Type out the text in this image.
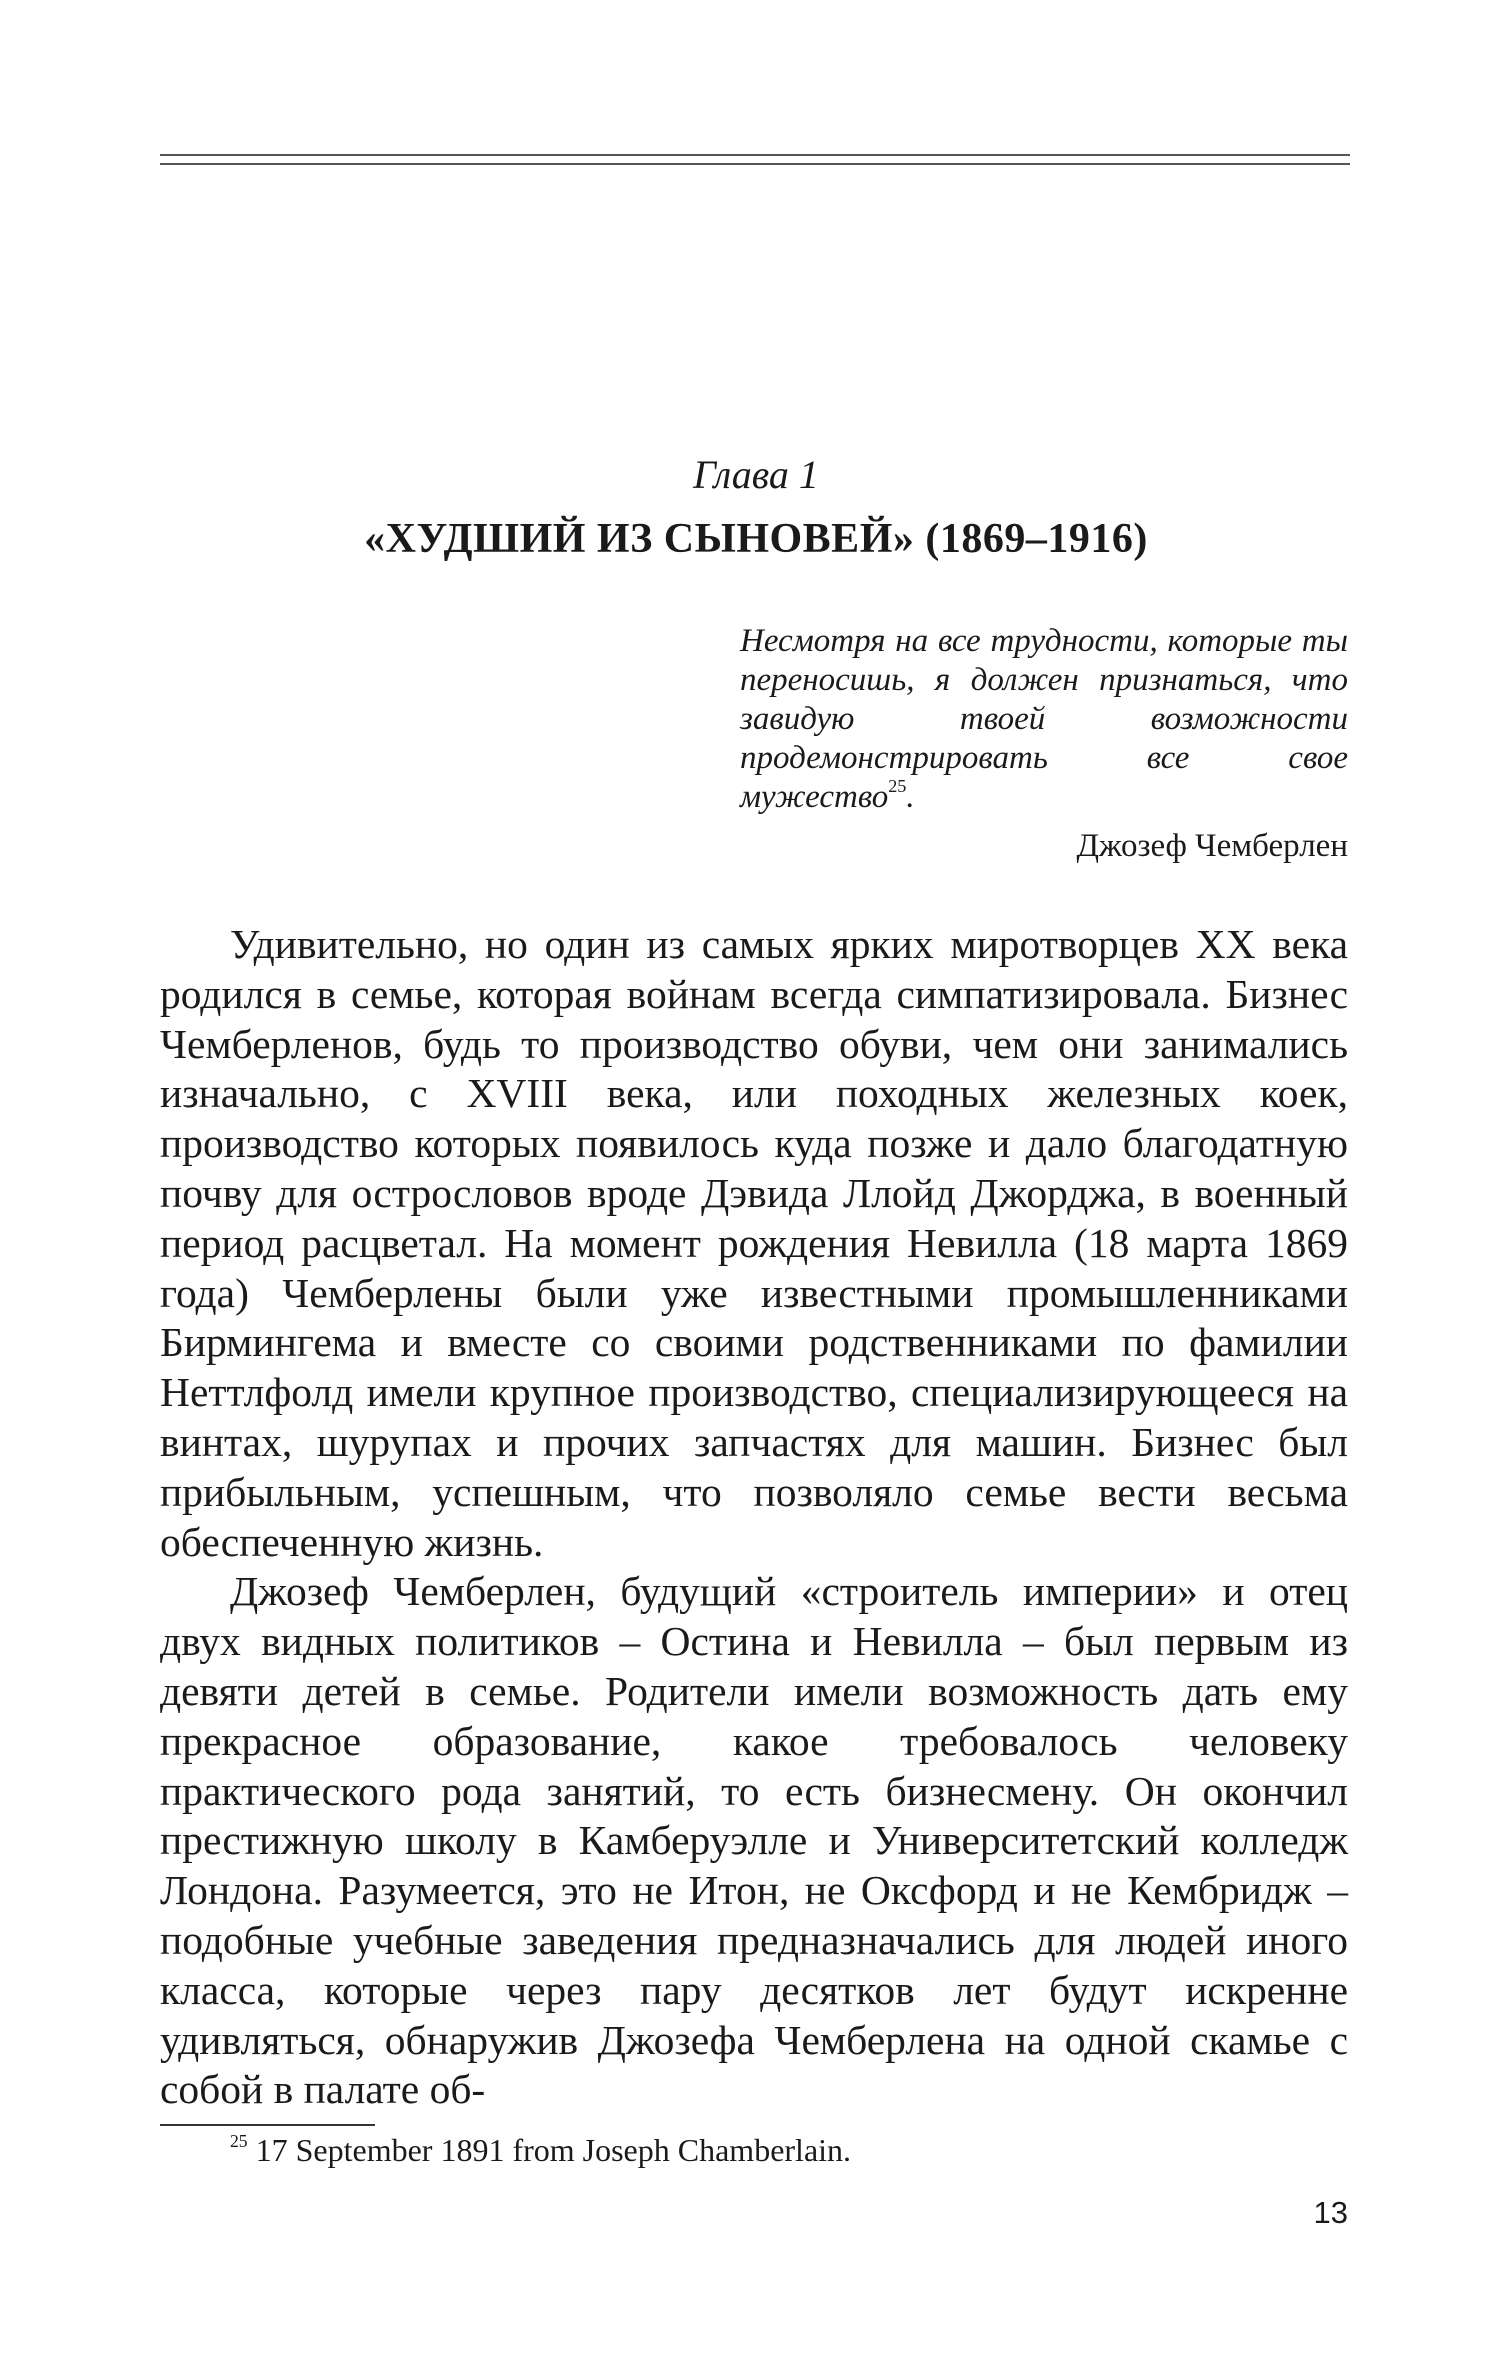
Глава 1
«ХУДШИЙ ИЗ СЫНОВЕЙ» (1869–1916)

Несмотря на все трудности, которые ты переносишь, я должен признаться, что завидую твоей возможности продемонстрировать все свое мужество$^{25}$.

Джозеф Чемберлен

Удивительно, но один из самых ярких миротворцев XX века родился в семье, которая войнам всегда симпатизировала. Бизнес Чемберленов, будь то производство обуви, чем они занимались изначально, с XVIII века, или походных железных коек, производство которых появилось куда позже и дало благодатную почву для острословов вроде Дэвида Ллойд Джорджа, в военный период расцветал. На момент рождения Невилла (18 марта 1869 года) Чемберлены были уже известными промышленниками Бирмингема и вместе со своими родственниками по фамилии Неттлфолд имели крупное производство, специализирующееся на винтах, шурупах и прочих запчастях для машин. Бизнес был прибыльным, успешным, что позволяло семье вести весьма обеспеченную жизнь.

Джозеф Чемберлен, будущий «строитель империи» и отец двух видных политиков – Остина и Невилла – был первым из девяти детей в семье. Родители имели возможность дать ему прекрасное образование, какое требовалось человеку практического рода занятий, то есть бизнесмену. Он окончил престижную школу в Камберуэлле и Университетский колледж Лондона. Разумеется, это не Итон, не Оксфорд и не Кембридж – подобные учебные заведения предназначались для людей иного класса, которые через пару десятков лет будут искренне удивляться, обнаружив Джозефа Чемберлена на одной скамье с собой в палате об-

$^{25}$ 17 September 1891 from Joseph Chamberlain.
13
